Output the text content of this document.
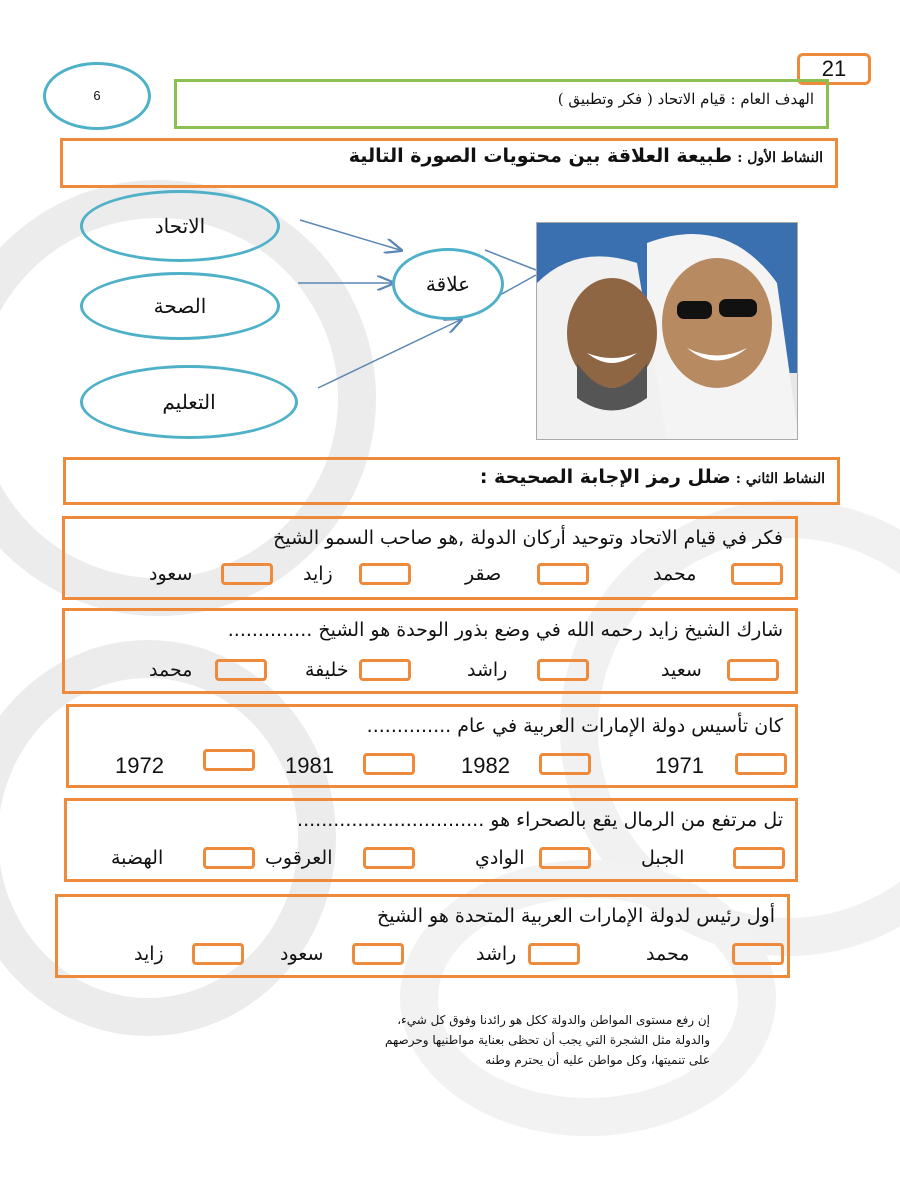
21
6	الهدف العام : قيام الاتحاد ( فكر وتطبيق )
النشاط الأول : طبيعة العلاقة بين محتويات الصورة التالية
الاتحاد
الصحة
التعليم
علاقة
النشاط الثاني : ضلل رمز الإجابة الصحيحة :
فكر في قيام الاتحاد وتوحيد أركان الدولة ,هو صاحب السمو الشيخ
محمد
صقر
زايد
سعود
شارك الشيخ زايد رحمه الله في وضع بذور الوحدة هو الشيخ ..............
سعيد
راشد
خليفة
محمد
كان تأسيس دولة الإمارات العربية في عام ..............
1971
1982
1981
1972
تل مرتفع من الرمال يقع بالصحراء هو ...............................
الجبل
الوادي
العرقوب
الهضبة
أول رئيس لدولة الإمارات العربية المتحدة هو الشيخ
محمد
راشد
سعود
زايد
إن رفع مستوى المواطن والدولة ككل هو رائدنا وفوق كل شيء،
والدولة مثل الشجرة التي يجب أن تحظى بعناية مواطنيها وحرصهم
على تنميتها، وكل مواطن عليه أن يحترم وطنه
